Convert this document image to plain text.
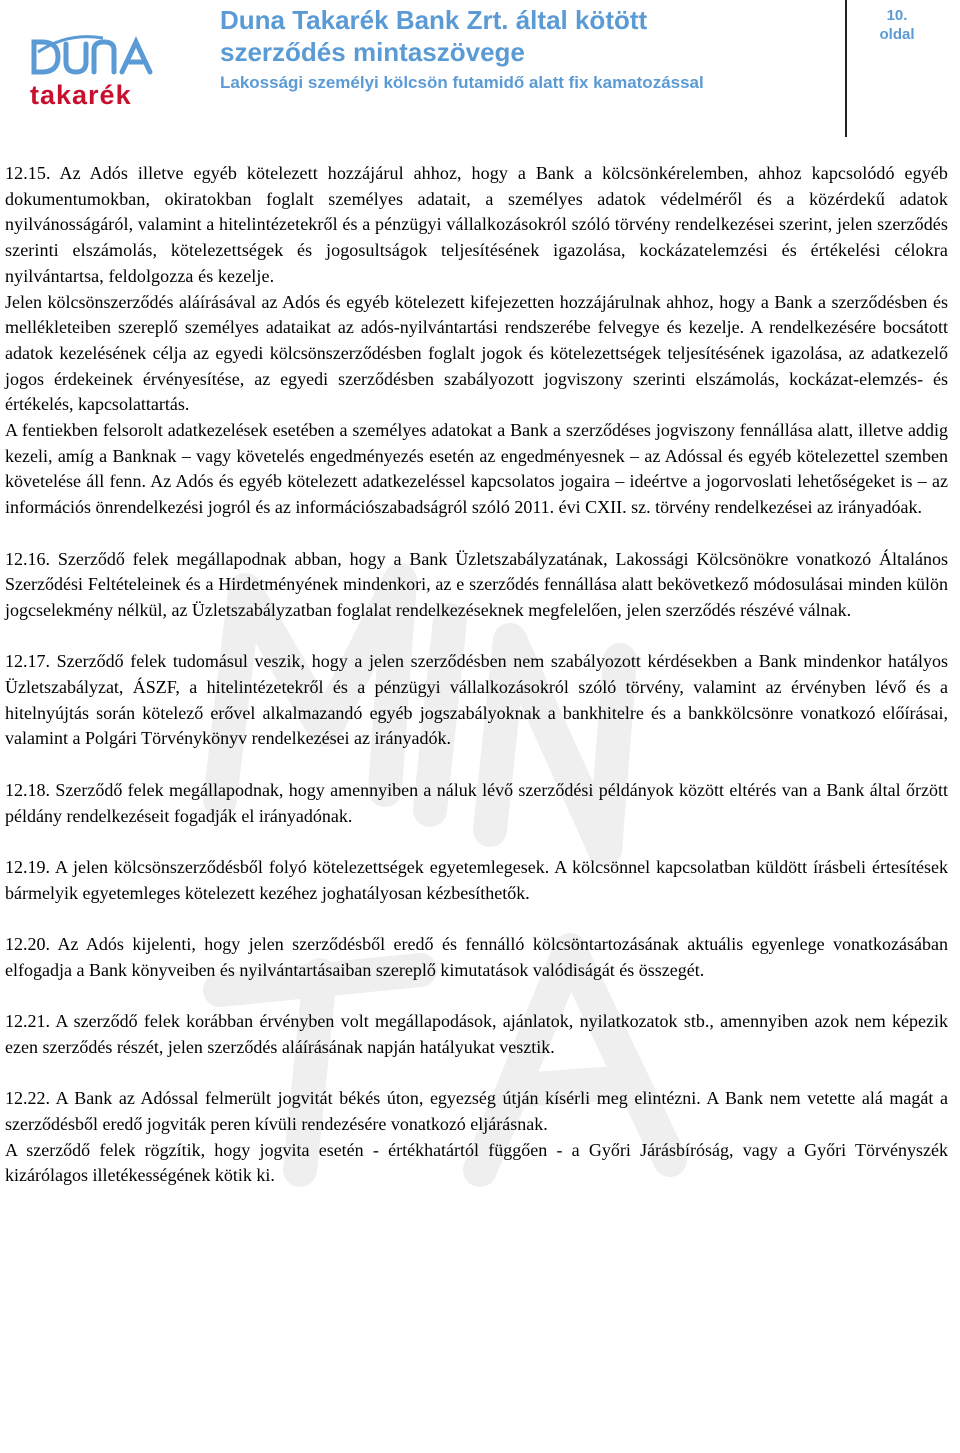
takarék
Duna Takarék Bank Zrt. által kötött
szerződés mintaszövege
Lakossági személyi kölcsön futamidő alatt fix kamatozással
10.
oldal

12.15. Az Adós illetve egyéb kötelezett hozzájárul ahhoz, hogy a Bank a kölcsönkérelemben, ahhoz kapcsolódó egyéb dokumentumokban, okiratokban foglalt személyes adatait, a személyes adatok védelméről és a közérdekű adatok nyilvánosságáról, valamint a hitelintézetekről és a pénzügyi vállalkozásokról szóló törvény rendelkezései szerint, jelen szerződés szerinti elszámolás, kötelezettségek és jogosultságok teljesítésének igazolása, kockázatelemzési és értékelési célokra nyilvántartsa, feldolgozza és kezelje.

Jelen kölcsönszerződés aláírásával az Adós és egyéb kötelezett kifejezetten hozzájárulnak ahhoz, hogy a Bank a szerződésben és mellékleteiben szereplő személyes adataikat az adós-nyilvántartási rendszerébe felvegye és kezelje. A rendelkezésére bocsátott adatok kezelésének célja az egyedi kölcsönszerződésben foglalt jogok és kötelezettségek teljesítésének igazolása, az adatkezelő jogos érdekeinek érvényesítése, az egyedi szerződésben szabályozott jogviszony szerinti elszámolás, kockázat-elemzés- és értékelés, kapcsolattartás.

A fentiekben felsorolt adatkezelések esetében a személyes adatokat a Bank a szerződéses jogviszony fennállása alatt, illetve addig kezeli, amíg a Banknak – vagy követelés engedményezés esetén az engedményesnek – az Adóssal és egyéb kötelezettel szemben követelése áll fenn. Az Adós és egyéb kötelezett adatkezeléssel kapcsolatos jogaira – ideértve a jogorvoslati lehetőségeket is – az információs önrendelkezési jogról és az információszabadságról szóló 2011. évi CXII. sz. törvény rendelkezései az irányadóak.

12.16. Szerződő felek megállapodnak abban, hogy a Bank Üzletszabályzatának, Lakossági Kölcsönökre vonatkozó Általános Szerződési Feltételeinek és a Hirdetményének mindenkori, az e szerződés fennállása alatt bekövetkező módosulásai minden külön jogcselekmény nélkül, az Üzletszabályzatban foglalat rendelkezéseknek megfelelően, jelen szerződés részévé válnak.

12.17. Szerződő felek tudomásul veszik, hogy a jelen szerződésben nem szabályozott kérdésekben a Bank mindenkor hatályos Üzletszabályzat, ÁSZF, a hitelintézetekről és a pénzügyi vállalkozásokról szóló törvény, valamint az érvényben lévő és a hitelnyújtás során kötelező erővel alkalmazandó egyéb jogszabályoknak a bankhitelre és a bankkölcsönre vonatkozó előírásai, valamint a Polgári Törvénykönyv rendelkezései az irányadók.

12.18. Szerződő felek megállapodnak, hogy amennyiben a náluk lévő szerződési példányok között eltérés van a Bank által őrzött példány rendelkezéseit fogadják el irányadónak.

12.19. A jelen kölcsönszerződésből folyó kötelezettségek egyetemlegesek. A kölcsönnel kapcsolatban küldött írásbeli értesítések bármelyik egyetemleges kötelezett kezéhez joghatályosan kézbesíthetők.

12.20. Az Adós kijelenti, hogy jelen szerződésből eredő és fennálló kölcsöntartozásának aktuális egyenlege vonatkozásában elfogadja a Bank könyveiben és nyilvántartásaiban szereplő kimutatások valódiságát és összegét.

12.21. A szerződő felek korábban érvényben volt megállapodások, ajánlatok, nyilatkozatok stb., amennyiben azok nem képezik ezen szerződés részét, jelen szerződés aláírásának napján hatályukat vesztik.

12.22. A Bank az Adóssal felmerült jogvitát békés úton, egyezség útján kísérli meg elintézni. A Bank nem vetette alá magát a szerződésből eredő jogviták peren kívüli rendezésére vonatkozó eljárásnak.

A szerződő felek rögzítik, hogy jogvita esetén - értékhatártól függően - a Győri Járásbíróság, vagy a Győri Törvényszék kizárólagos illetékességének kötik ki.
